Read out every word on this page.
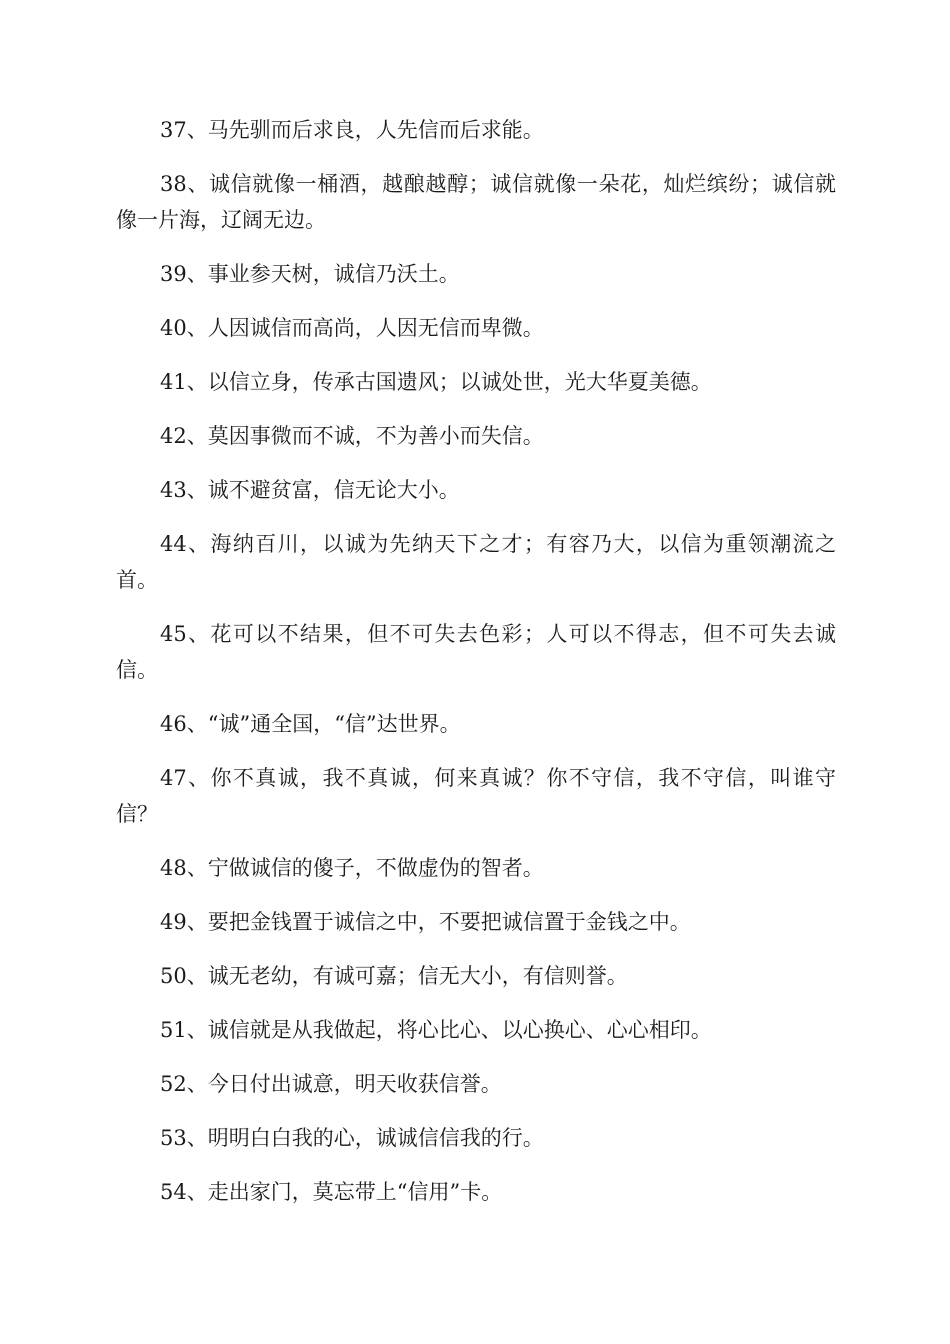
37、马先驯而后求良，人先信而后求能。

38、诚信就像一桶酒，越酿越醇；诚信就像一朵花，灿烂缤纷；诚信就像一片海，辽阔无边。

39、事业参天树，诚信乃沃土。

40、人因诚信而高尚，人因无信而卑微。

41、以信立身，传承古国遗风；以诚处世，光大华夏美德。

42、莫因事微而不诚，不为善小而失信。

43、诚不避贫富，信无论大小。

44、海纳百川，以诚为先纳天下之才；有容乃大，以信为重领潮流之首。

45、花可以不结果，但不可失去色彩；人可以不得志，但不可失去诚信。

46、“诚”通全国，“信”达世界。

47、你不真诚，我不真诚，何来真诚？你不守信，我不守信，叫谁守信？

48、宁做诚信的傻子，不做虚伪的智者。

49、要把金钱置于诚信之中，不要把诚信置于金钱之中。

50、诚无老幼，有诚可嘉；信无大小，有信则誉。

51、诚信就是从我做起，将心比心、以心换心、心心相印。

52、今日付出诚意，明天收获信誉。

53、明明白白我的心，诚诚信信我的行。

54、走出家门，莫忘带上“信用”卡。
